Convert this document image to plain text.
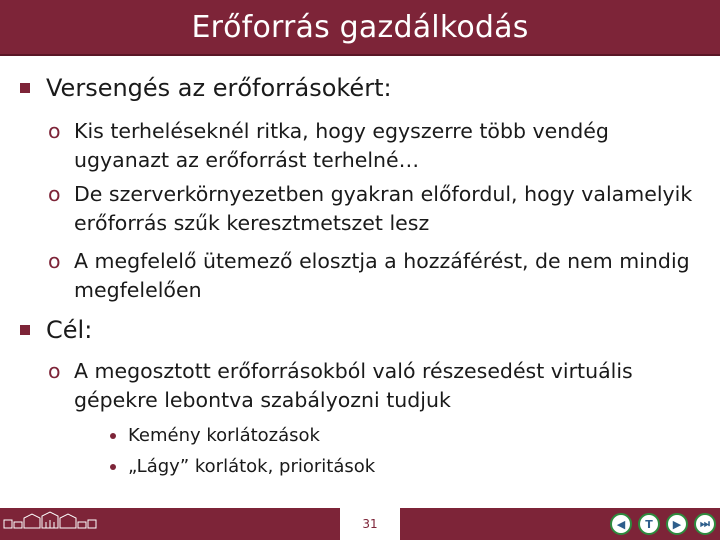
Erőforrás gazdálkodás
Versengés az erőforrásokért:
o Kis terheléseknél ritka, hogy egyszerre több vendég ugyanazt az erőforrást terhelné…
o De szerverkörnyezetben gyakran előfordul, hogy valamelyik erőforrás szűk keresztmetszet lesz
o A megfelelő ütemező elosztja a hozzáférést, de nem mindig megfelelően
Cél:
o A megosztott erőforrásokból való részesedést virtuális gépekre lebontva szabályozni tudjuk
Kemény korlátozások
„Lágy” korlátok, prioritások
31	◀	T	▶	⏭
